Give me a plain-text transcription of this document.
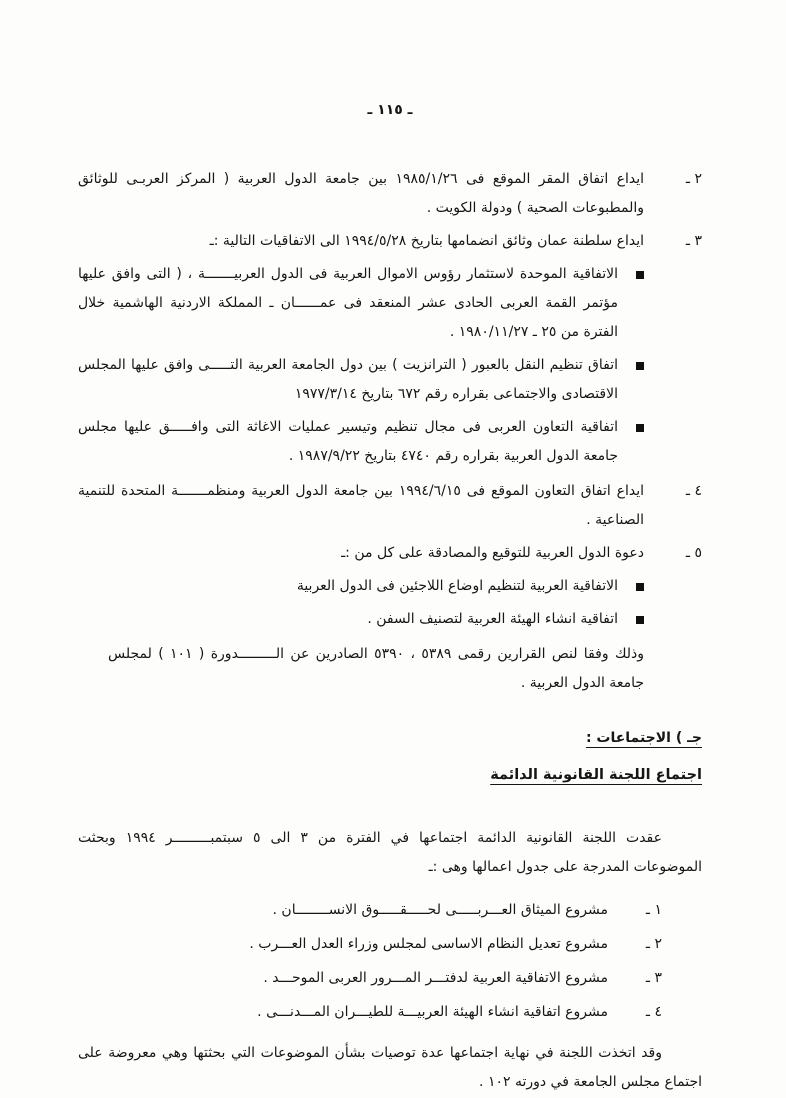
ـ ١١٥ ـ
٢ ـ

ايداع اتفاق المقر الموقع فى ١٩٨٥/١/٢٦ بين جامعة الدول العربية ( المركز العربـى للوثائق والمطبوعات الصحية ) ودولة الكويت .

٣ ـ

ايداع سلطنة عمان وثائق انضمامها بتاريخ ١٩٩٤/٥/٢٨ الى الاتفاقيات التالية :ـ

الاتفاقية الموحدة لاستثمار رؤوس الاموال العربية فى الدول العربيـــــــة ، ( التى وافق عليها مؤتمر القمة العربى الحادى عشر المنعقد فى عمــــــان ـ المملكة الاردنية الهاشمية خلال الفترة من ٢٥ ـ ١٩٨٠/١١/٢٧ .

اتفاق تنظيم النقل بالعبور ( الترانزيت ) بين دول الجامعة العربية التـــــى وافق عليها المجلس الاقتصادى والاجتماعى بقراره رقم ٦٧٢ بتاريخ ١٩٧٧/٣/١٤

اتفاقية التعاون العربى فى مجال تنظيم وتيسير عمليات الاغاثة التى وافـــــق عليها مجلس جامعة الدول العربية بقراره رقم ٤٧٤٠ بتاريخ ١٩٨٧/٩/٢٢ .

٤ ـ

ايداع اتفاق التعاون الموقع فى ١٩٩٤/٦/١٥ بين جامعة الدول العربية ومنظمـــــــة المتحدة للتنمية الصناعية .

٥ ـ

دعوة الدول العربية للتوقيع والمصادقة على كل من :ـ

الاتفاقية العربية لتنظيم اوضاع اللاجئين فى الدول العربية

اتفاقية انشاء الهيئة العربية لتصنيف السفن .

وذلك وفقا لنص القرارين رقمى ٥٣٨٩ ، ٥٣٩٠ الصادرين عن الـــــــــدورة ( ١٠١ ) لمجلس جامعة الدول العربية .

جـ ) الاجتماعات :
اجتماع اللجنة القانونية الدائمة

عقدت اللجنة القانونية الدائمة اجتماعها في الفترة من ٣ الى ٥ سبتمبـــــــــر ١٩٩٤ وبحثت الموضوعات المدرجة على جدول اعمالها وهى :ـ

١ ـ

مشروع الميثاق العـــربـــــى لحـــــقـــــوق الانســــــــان .

٢ ـ

مشروع تعديل النظام الاساسى لمجلس وزراء العدل العـــرب .

٣ ـ

مشروع الاتفاقية العربية لدفتـــر المـــرور العربى الموحـــد .

٤ ـ

مشروع اتفاقية انشاء الهيئة العربيـــة للطيـــران المـــدنـــى .

وقد اتخذت اللجنة في نهاية اجتماعها عدة توصيات بشأن الموضوعات التي بحثتها وهي معروضة على اجتماع مجلس الجامعة في دورته ١٠٢ .
